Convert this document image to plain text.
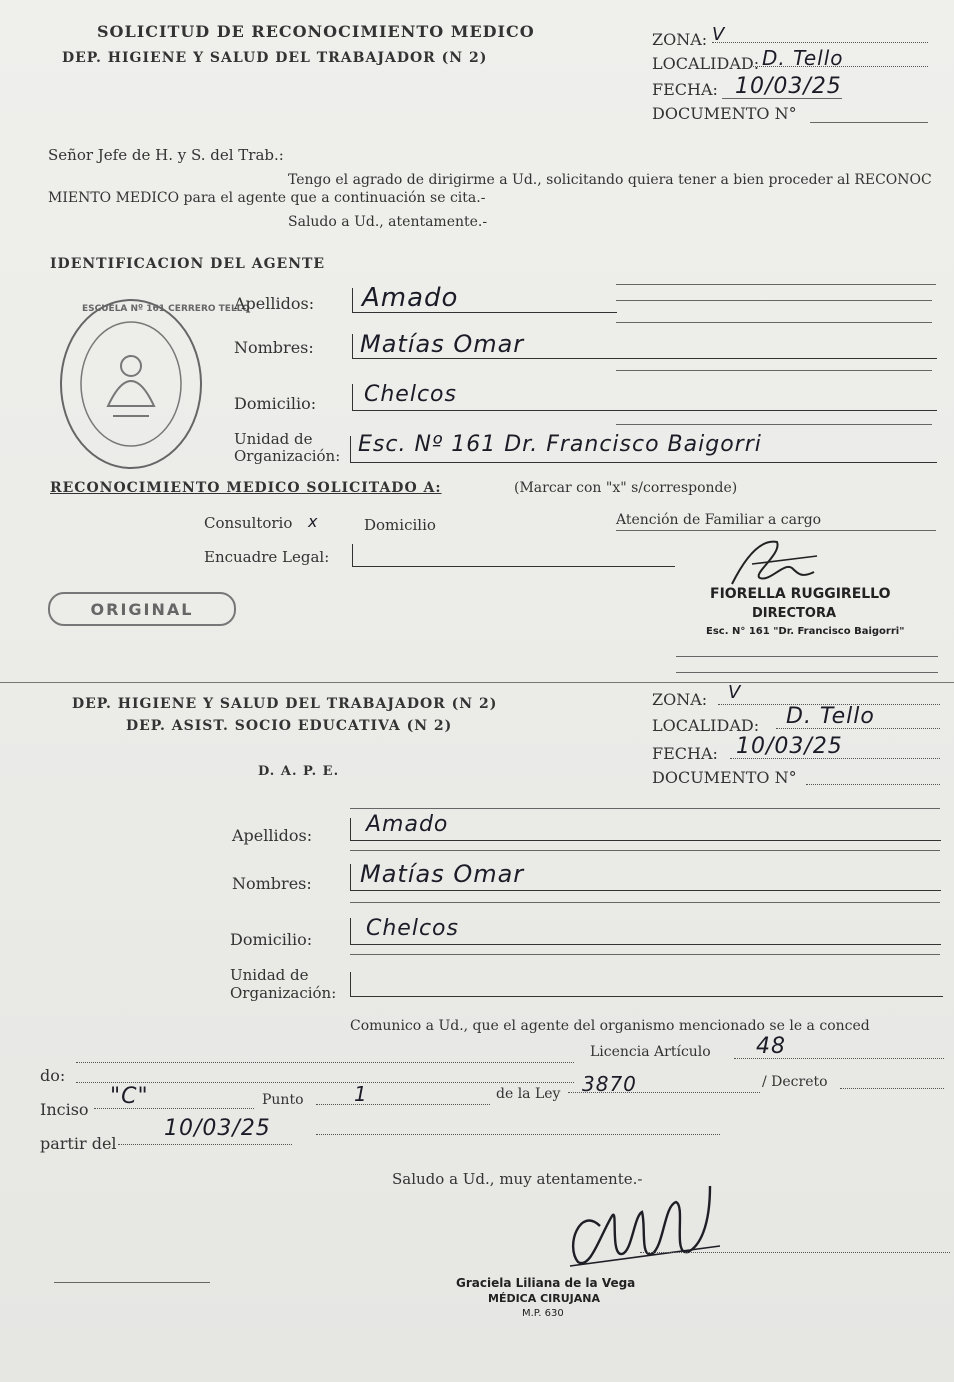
SOLICITUD DE RECONOCIMIENTO MEDICO
DEP. HIGIENE Y SALUD DEL TRABAJADOR (N 2)
ZONA: V
LOCALIDAD: D. Tello
FECHA: 10/03/25
DOCUMENTO N°
Señor Jefe de H. y S. del Trab.:
Tengo el agrado de dirigirme a Ud., solicitando quiera tener a bien proceder al RECONOC
MIENTO MEDICO para el agente que a continuación se cita.-
Saludo a Ud., atentamente.-
IDENTIFICACION DEL AGENTE
ESCUELA Nº 161 CERRERO TELLO
Apellidos: Amado
Nombres: Matías Omar
Domicilio: Chelcos
Unidad de
Organización: Esc. Nº 161 Dr. Francisco Baigorri
RECONOCIMIENTO MEDICO SOLICITADO A:	(Marcar con "x" s/corresponde)
Consultorio x	Domicilio	Atención de Familiar a cargo
Encuadre Legal:
ORIGINAL
FIORELLA RUGGIRELLO
DIRECTORA
Esc. N° 161 "Dr. Francisco Baigorri"
DEP. HIGIENE Y SALUD DEL TRABAJADOR (N 2)
DEP. ASIST. SOCIO EDUCATIVA (N 2)
D. A. P. E.
ZONA: V
LOCALIDAD: D. Tello
FECHA: 10/03/25
DOCUMENTO N°
Apellidos: Amado
Nombres: Matías Omar
Domicilio: Chelcos
Unidad de
Organización:
Comunico a Ud., que el agente del organismo mencionado se le a conced
do:
Licencia Artículo 48
Inciso
"C"	Punto	1	de la Ley 3870	/ Decreto
partir del
10/03/25
Saludo a Ud., muy atentamente.-
Graciela Liliana de la Vega
MÉDICA CIRUJANA
M.P. 630
